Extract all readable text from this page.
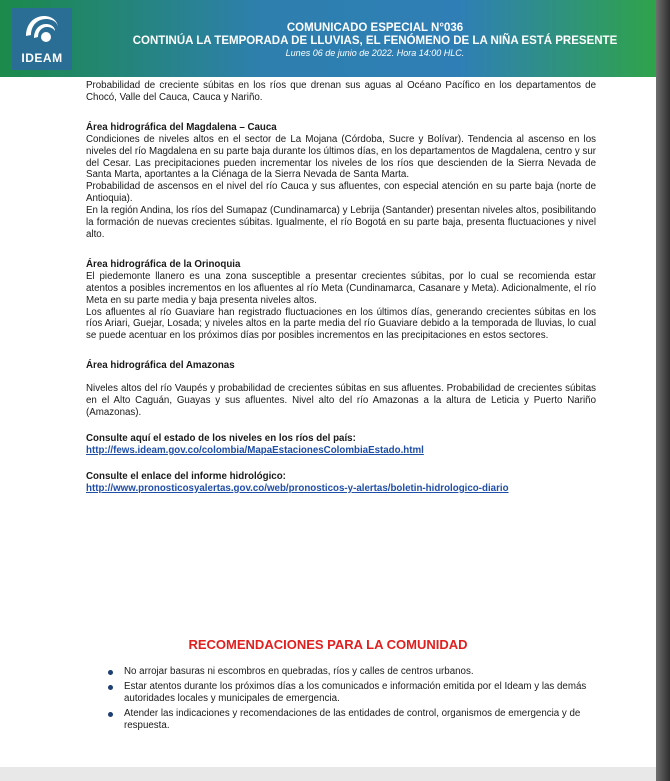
IDEAM
COMUNICADO ESPECIAL N°036
CONTINÚA LA TEMPORADA DE LLUVIAS, EL FENÓMENO DE LA NIÑA ESTÁ PRESENTE
Lunes 06 de junio de 2022. Hora 14:00 HLC.

Probabilidad de creciente súbitas en los ríos que drenan sus aguas al Océano Pacífico en los departamentos de Chocó, Valle del Cauca, Cauca y Nariño.

Área hidrográfica del Magdalena – Cauca

Condiciones de niveles altos en el sector de La Mojana (Córdoba, Sucre y Bolívar). Tendencia al ascenso en los niveles del río Magdalena en su parte baja durante los últimos días, en los departamentos de Magdalena, centro y sur del Cesar. Las precipitaciones pueden incrementar los niveles de los ríos que descienden de la Sierra Nevada de Santa Marta, aportantes a la Ciénaga de la Sierra Nevada de Santa Marta.

Probabilidad de ascensos en el nivel del río Cauca y sus afluentes, con especial atención en su parte baja (norte de Antioquia).

En la región Andina, los ríos del Sumapaz (Cundinamarca) y Lebrija (Santander) presentan niveles altos, posibilitando la formación de nuevas crecientes súbitas. Igualmente, el río Bogotá en su parte baja, presenta fluctuaciones y nivel alto.

Área hidrográfica de la Orinoquia

El piedemonte llanero es una zona susceptible a presentar crecientes súbitas, por lo cual se recomienda estar atentos a posibles incrementos en los afluentes al río Meta (Cundinamarca, Casanare y Meta). Adicionalmente, el río Meta en su parte media y baja presenta niveles altos.

Los afluentes al río Guaviare han registrado fluctuaciones en los últimos días, generando crecientes súbitas en los ríos Ariari, Guejar, Losada; y niveles altos en la parte media del río Guaviare debido a la temporada de lluvias, lo cual se puede acentuar en los próximos días por posibles incrementos en las precipitaciones en estos sectores.

Área hidrográfica del Amazonas

Niveles altos del río Vaupés y probabilidad de crecientes súbitas en sus afluentes. Probabilidad de crecientes súbitas en el Alto Caguán, Guayas y sus afluentes. Nivel alto del río Amazonas a la altura de Leticia y Puerto Nariño (Amazonas).

Consulte aquí el estado de los niveles en los ríos del país:

http://fews.ideam.gov.co/colombia/MapaEstacionesColombiaEstado.html

Consulte el enlace del informe hidrológico:

http://www.pronosticosyalertas.gov.co/web/pronosticos-y-alertas/boletin-hidrologico-diario

RECOMENDACIONES PARA LA COMUNIDAD
No arrojar basuras ni escombros en quebradas, ríos y calles de centros urbanos.
Estar atentos durante los próximos días a los comunicados e información emitida por el Ideam y las demás autoridades locales y municipales de emergencia.
Atender las indicaciones y recomendaciones de las entidades de control, organismos de emergencia y de respuesta.
